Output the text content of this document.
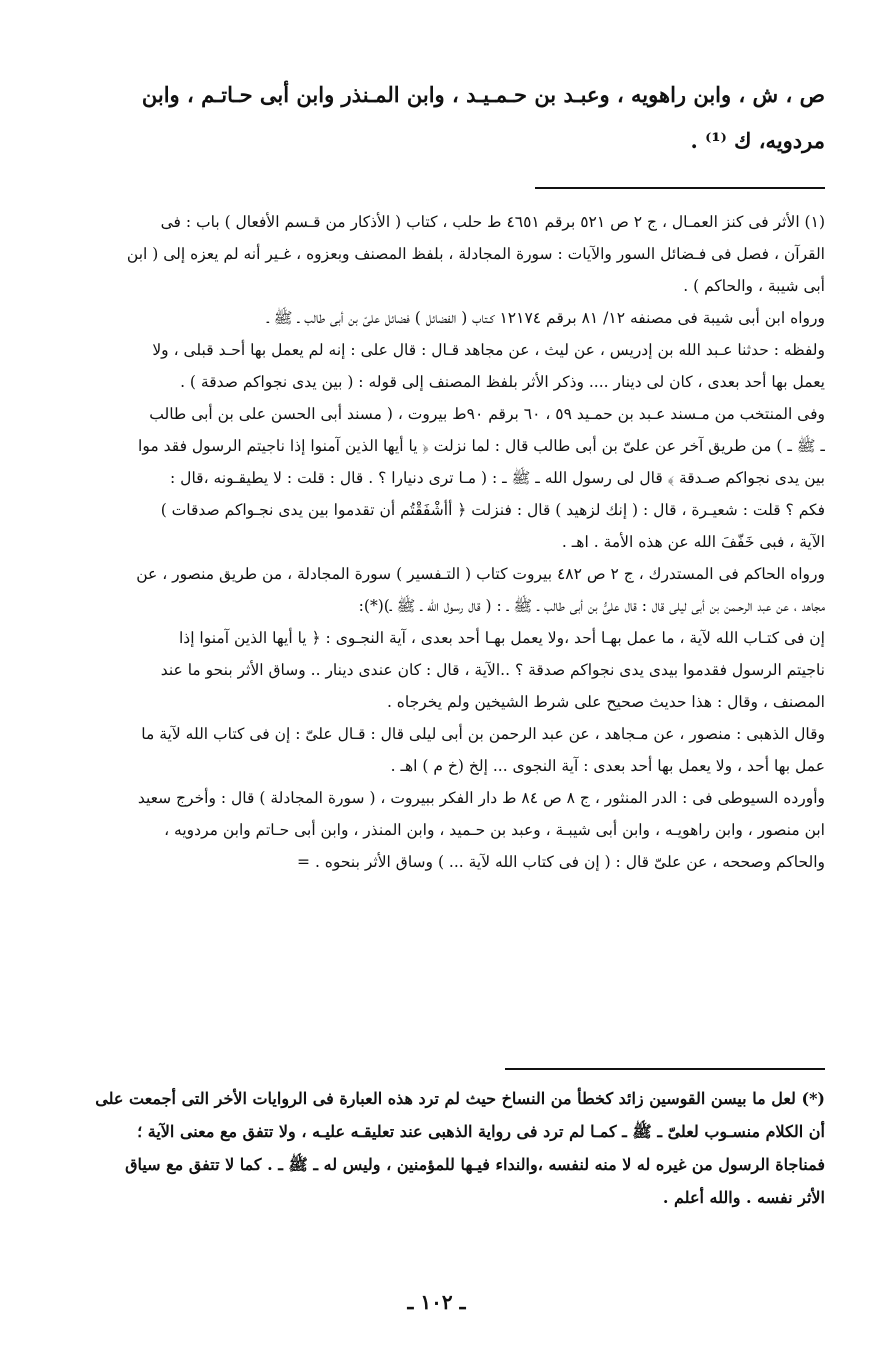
ص ، ش ، وابن راهويه ، وعبـد بن حـمـيـد ، وابن المـنذر وابن أبى حـاتـم ، وابن
مردويه، ك ⁽¹⁾ .
(١) الأثر فى كنز العمـال ، ج ٢ ص ٥٢١ برقم ٤٦٥١ ط حلب ، كتاب ( الأذكار من قـسم الأفعال ) باب : فى
القرآن ، فصل فى فـضائل السور والآيات : سورة المجادلة ، بلفظ المصنف وبعزوه ، غـير أنه لم يعزه إلى ( ابن
أبى شيبة ، والحاكم ) .
ورواه ابن أبى شيبة فى مصنفه ١٢/ ٨١ برقم ١٢١٧٤ كـتاب ( الفضائل ) فضائل علىّ بن أبى طالب ـ ﷺ ـ
ولفظه : حدثنا عـبد الله بن إدريس ، عن ليث ، عن مجاهد قـال : قال على : إنه لم يعمل بها أحـد قبلى ، ولا
يعمل بها أحد بعدى ، كان لى دينار .... وذكر الأثر بلفظ المصنف إلى قوله : ( بين يدى نجواكم صدقة ) .
وفى المنتخب من مـسند عـبد بن حمـيد ٥٩ ، ٦٠ برقم ٩٠ط بيروت ، ( مسند أبى الحسن على بن أبى طالب
ـ ﷺ ـ ) من طريق آخر عن علىّ بن أبى طالب قال : لما نزلت ﴿ يا أيها الذين آمنوا إذا ناجيتم الرسول فقد موا
بين يدى نجواكم صـدقة ﴾ قال لى رسول الله ـ ﷺ ـ : ( مـا ترى دنيارا ؟ . قال : قلت : لا يطيقـونه ،قال :
فكم ؟ قلت : شعيـرة ، قال : ( إنك لزهيد ) قال : فنزلت ﴿ أأشْفَقْتُم أن تقدموا بين يدى نجـواكم صدقات )
الآية ، فبى خَفّفَ الله عن هذه الأمة . اهـ .
ورواه الحاكم فى المستدرك ، ج ٢ ص ٤٨٢ بيروت كتاب ( التـفسير ) سورة المجادلة ، من طريق منصور ، عن
مجاهد ، عن عبد الرحـمن بن أبى ليلى قال : قال علىُّ بن أبى طالب ـ ﷺ ـ : ( قال رسول الله ـ ﷺ ـ)(*):
إن فى كتـاب الله لآية ، ما عمل بهـا أحد ،ولا يعمل بهـا أحد بعدى ، آية النجـوى : ﴿ يا أيها الذين آمنوا إذا
ناجيتم الرسول فقدموا بيدى يدى نجواكم صدقة ؟ ..الآية ، قال : كان عندى دينار .. وساق الأثر بنحو ما عند
المصنف ، وقال : هذا حديث صحيح على شرط الشيخين ولم يخرجاه .
وقال الذهبى : منصور ، عن مـجاهد ، عن عبد الرحمن بن أبى ليلى قال : قـال علىّ : إن فى كتاب الله لآية ما
عمل بها أحد ، ولا يعمل بها أحد بعدى : آية النجوى ... إلخ (خ م ) اهـ .
وأورده السيوطى فى : الدر المنثور ، ج ٨ ص ٨٤ ط دار الفكر ببيروت ، ( سورة المجادلة ) قال : وأخرج سعيد
ابن منصور ، وابن راهويـه ، وابن أبى شيبـة ، وعبد بن حـميد ، وابن المنذر ، وابن أبى حـاتم وابن مردويه ،
والحاكم وصححه ، عن علىّ قال : ( إن فى كتاب الله لآية ... ) وساق الأثر بنحوه . =
(*) لعل ما بيسن القوسين زائد كخطأ من النساخ حيث لم ترد هذه العبارة فى الروايات الأخر التى أجمعت على
أن الكلام منسـوب لعلىّ ـ ﷺ ـ كمـا لم ترد فى رواية الذهبى عند تعليقـه عليـه ، ولا تتفق مع معنى الآية ؛
فمناجاة الرسول من غيره له لا منه لنفسه ،والنداء فيـها للمؤمنين ، وليس له ـ ﷺ ـ . كما لا تتفق مع سياق
الأثر نفسه . والله أعلم .
ـ ١٠٢ ـ
